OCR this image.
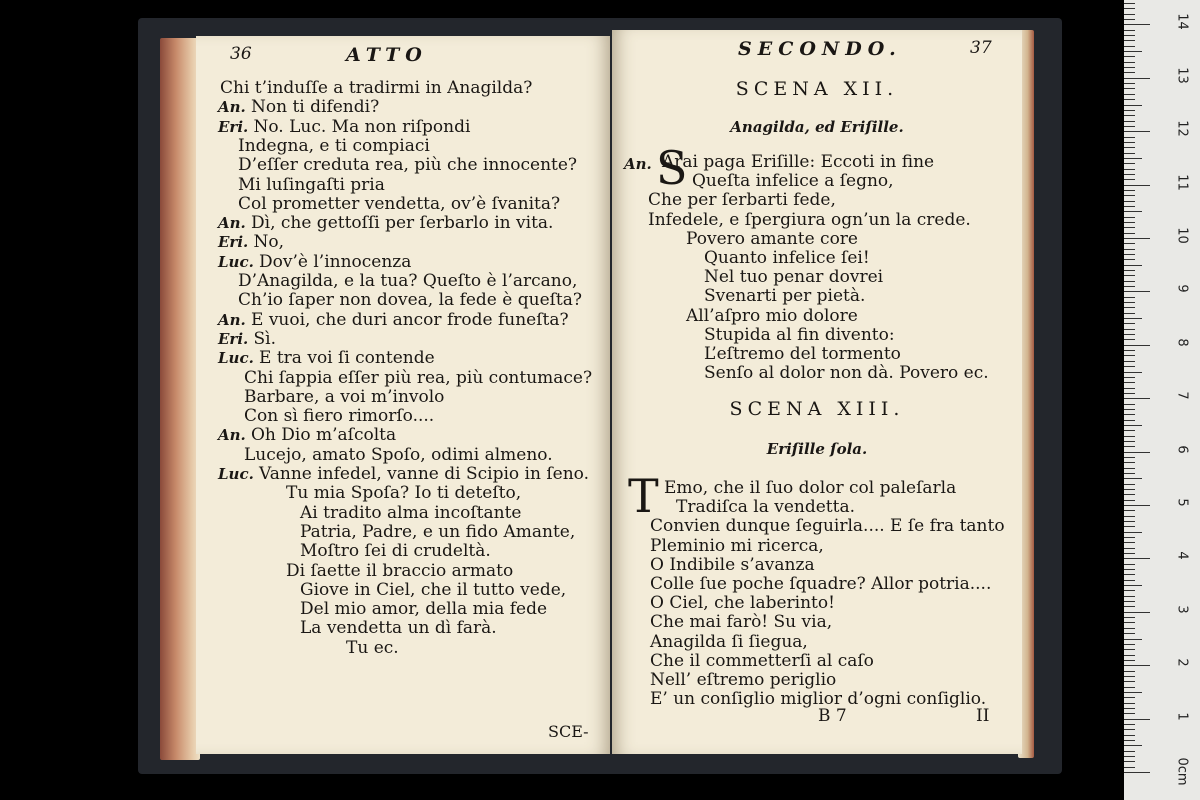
36	ATTO
Chi t’induſſe a tradirmi in Anagilda?
An. Non ti difendi?
Eri. No. Luc. Ma non riſpondi
Indegna, e ti compiaci
D’eſſer creduta rea, più che innocente?
Mi luſingaſti pria
Col prometter vendetta, ov’è ſvanita?
An. Dì, che gettoſſi per ſerbarlo in vita.
Eri. No,
Luc. Dov’è l’innocenza
D’Anagilda, e la tua? Queſto è l’arcano,
Ch’io ſaper non dovea, la fede è queſta?
An. E vuoi, che duri ancor frode funeſta?
Eri. Sì.
Luc. E tra voi ſi contende
Chi ſappia eſſer più rea, più contumace?
Barbare, a voi m’involo
Con sì fiero rimorſo....
An. Oh Dio m’aſcolta
Lucejo, amato Spoſo, odimi almeno.
Luc. Vanne infedel, vanne di Scipio in ſeno.
Tu mia Spoſa? Io ti deteſto,
Ai tradito alma incoſtante
Patria, Padre, e un fido Amante,
Moſtro ſei di crudeltà.
Di ſaette il braccio armato
Giove in Ciel, che il tutto vede,
Del mio amor, della mia fede
La vendetta un dì farà.
Tu ec.
SCE-
SECONDO.	37
SCENA XII.
Anagilda, ed Eriſille.
An. S
Arai paga Eriſille: Eccoti in fine
Queſta infelice a ſegno,
Che per ſerbarti fede,
Infedele, e ſpergiura ogn’un la crede.
Povero amante core
Quanto infelice ſei!
Nel tuo penar dovrei
Svenarti per pietà.
All’aſpro mio dolore
Stupida al fin divento:
L’eſtremo del tormento
Senſo al dolor non dà. Povero ec.
SCENA XIII.
Eriſille ſola.
T Emo, che il ſuo dolor col paleſarla
Tradiſca la vendetta.
Convien dunque ſeguirla.... E ſe fra tanto
Pleminio mi ricerca,
O Indibile s’avanza
Colle ſue poche ſquadre? Allor potria....
O Ciel, che laberinto!
Che mai farò! Su via,
Anagilda ſi ſiegua,
Che il commetterſi al caſo
Nell’ eſtremo periglio
E’ un conſiglio miglior d’ogni conſiglio.
B 7	II
0cm
1
2
3
4
5
6
7
8
9
10
11
12
13
14
